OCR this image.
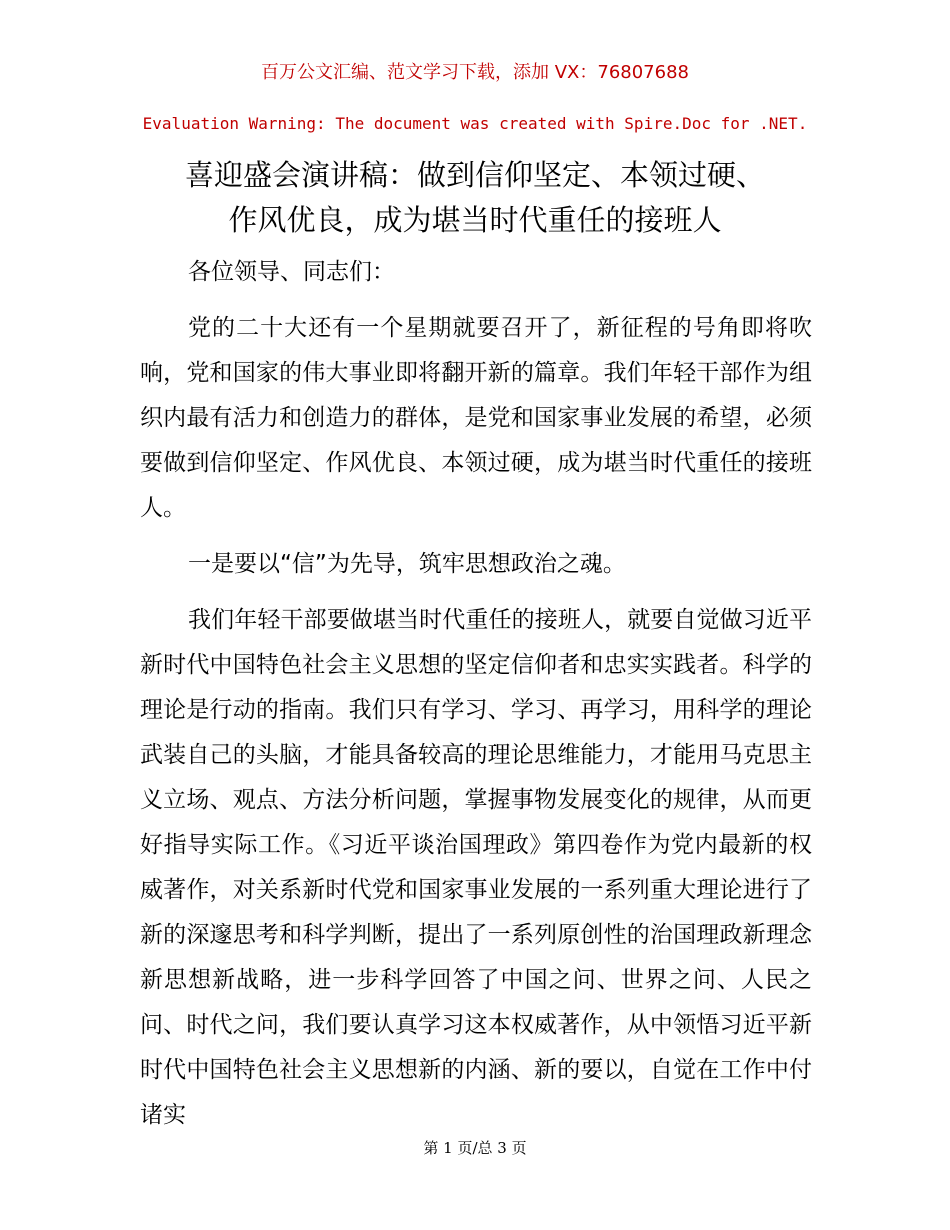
百万公文汇编、范文学习下载，添加 VX：76807688
Evaluation Warning: The document was created with Spire.Doc for .NET.
喜迎盛会演讲稿：做到信仰坚定、本领过硬、
作风优良，成为堪当时代重任的接班人

各位领导、同志们：

党的二十大还有一个星期就要召开了，新征程的号角即将吹响，党和国家的伟大事业即将翻开新的篇章。我们年轻干部作为组织内最有活力和创造力的群体，是党和国家事业发展的希望，必须要做到信仰坚定、作风优良、本领过硬，成为堪当时代重任的接班人。

一是要以“信”为先导，筑牢思想政治之魂。

我们年轻干部要做堪当时代重任的接班人，就要自觉做习近平新时代中国特色社会主义思想的坚定信仰者和忠实实践者。科学的理论是行动的指南。我们只有学习、学习、再学习，用科学的理论武装自己的头脑，才能具备较高的理论思维能力，才能用马克思主义立场、观点、方法分析问题，掌握事物发展变化的规律，从而更好指导实际工作。《习近平谈治国理政》第四卷作为党内最新的权威著作，对关系新时代党和国家事业发展的一系列重大理论进行了新的深邃思考和科学判断，提出了一系列原创性的治国理政新理念新思想新战略，进一步科学回答了中国之问、世界之问、人民之问、时代之问，我们要认真学习这本权威著作，从中领悟习近平新时代中国特色社会主义思想新的内涵、新的要以，自觉在工作中付诸实

第 1 页/总 3 页
